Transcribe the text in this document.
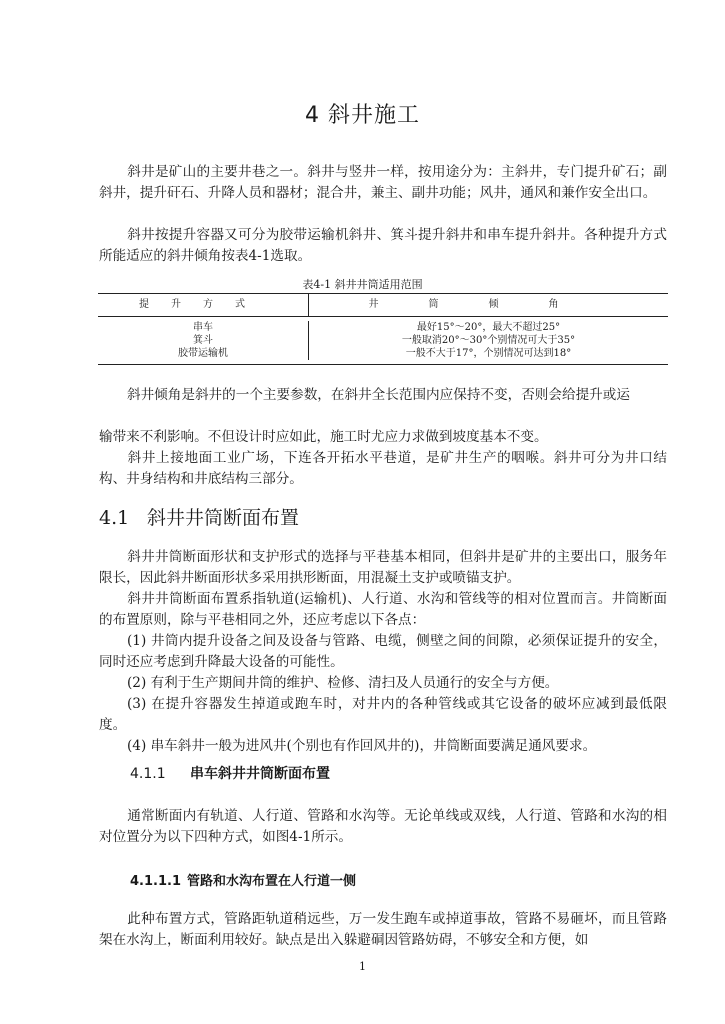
4 斜井施工

斜井是矿山的主要井巷之一。斜井与竖井一样，按用途分为：主斜井，专门提升矿石；副斜井，提升矸石、升降人员和器材；混合井，兼主、副井功能；风井，通风和兼作安全出口。

斜井按提升容器又可分为胶带运输机斜井、箕斗提升斜井和串车提升斜井。各种提升方式所能适应的斜井倾角按表4-1选取。

表4-1 斜井井筒适用范围
提升方式	井筒倾角
串车
箕斗
胶带运输机
最好15°～20°，最大不超过25°
一般取消20°～30°个别情况可大于35°
一般不大于17°，个别情况可达到18°

斜井倾角是斜井的一个主要参数，在斜井全长范围内应保持不变，否则会给提升或运

输带来不利影响。不但设计时应如此，施工时尤应力求做到坡度基本不变。

斜井上接地面工业广场，下连各开拓水平巷道，是矿井生产的咽喉。斜井可分为井口结构、井身结构和井底结构三部分。

4.1 斜井井筒断面布置

斜井井筒断面形状和支护形式的选择与平巷基本相同，但斜井是矿井的主要出口，服务年限长，因此斜井断面形状多采用拱形断面，用混凝土支护或喷锚支护。

斜井井筒断面布置系指轨道(运输机)、人行道、水沟和管线等的相对位置而言。井筒断面的布置原则，除与平巷相同之外，还应考虑以下各点：

(1) 井筒内提升设备之间及设备与管路、电缆，侧壁之间的间隙，必须保证提升的安全，同时还应考虑到升降最大设备的可能性。

(2) 有利于生产期间井筒的维护、检修、清扫及人员通行的安全与方便。

(3) 在提升容器发生掉道或跑车时，对井内的各种管线或其它设备的破坏应减到最低限度。

(4) 串车斜井一般为进风井(个别也有作回风井的)，井筒断面要满足通风要求。

4.1.1 串车斜井井筒断面布置

通常断面内有轨道、人行道、管路和水沟等。无论单线或双线，人行道、管路和水沟的相对位置分为以下四种方式，如图4-1所示。

4.1.1.1 管路和水沟布置在人行道一侧

此种布置方式，管路距轨道稍远些，万一发生跑车或掉道事故，管路不易砸坏，而且管路架在水沟上，断面利用较好。缺点是出入躲避硐因管路妨碍，不够安全和方便，如

1
